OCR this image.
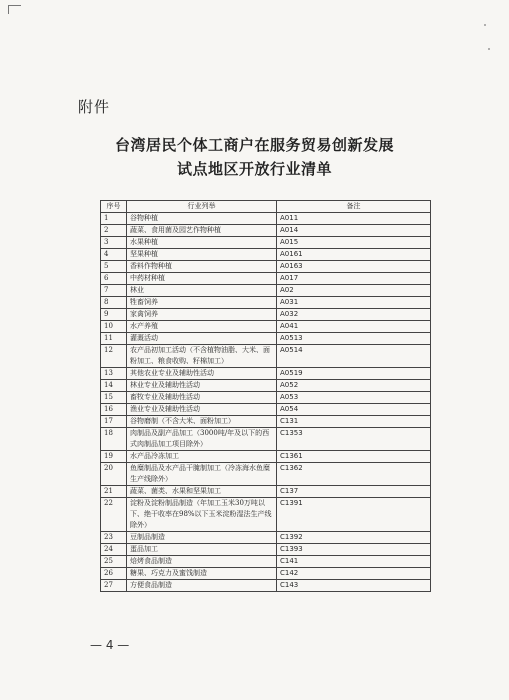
附件
台湾居民个体工商户在服务贸易创新发展
试点地区开放行业清单
序号	行业列举	备注
1	谷物种植	A011
2	蔬菜、食用菌及园艺作物种植	A014
3	水果种植	A015
4	坚果种植	A0161
5	香料作物种植	A0163
6	中药材种植	A017
7	林业	A02
8	牲畜饲养	A031
9	家禽饲养	A032
10	水产养殖	A041
11	灌溉活动	A0513
12	农产品初加工活动（不含植物油脂、大米、面粉加工、粮食收购、籽棉加工）	A0514
13	其他农业专业及辅助性活动	A0519
14	林业专业及辅助性活动	A052
15	畜牧专业及辅助性活动	A053
16	渔业专业及辅助性活动	A054
17	谷物磨制（不含大米、面粉加工）	C131
18	肉制品及副产品加工（3000吨/年及以下的西式肉制品加工项目除外）	C1353
19	水产品冷冻加工	C1361
20	鱼糜制品及水产品干腌制加工（冷冻海水鱼糜生产线除外）	C1362
21	蔬菜、菌类、水果和坚果加工	C137
22	淀粉及淀粉制品制造（年加工玉米30万吨以下、绝干收率在98%以下玉米淀粉湿法生产线除外）	C1391
23	豆制品制造	C1392
24	蛋品加工	C1393
25	焙烤食品制造	C141
26	糖果、巧克力及蜜饯制造	C142
27	方便食品制造	C143
— 4 —
